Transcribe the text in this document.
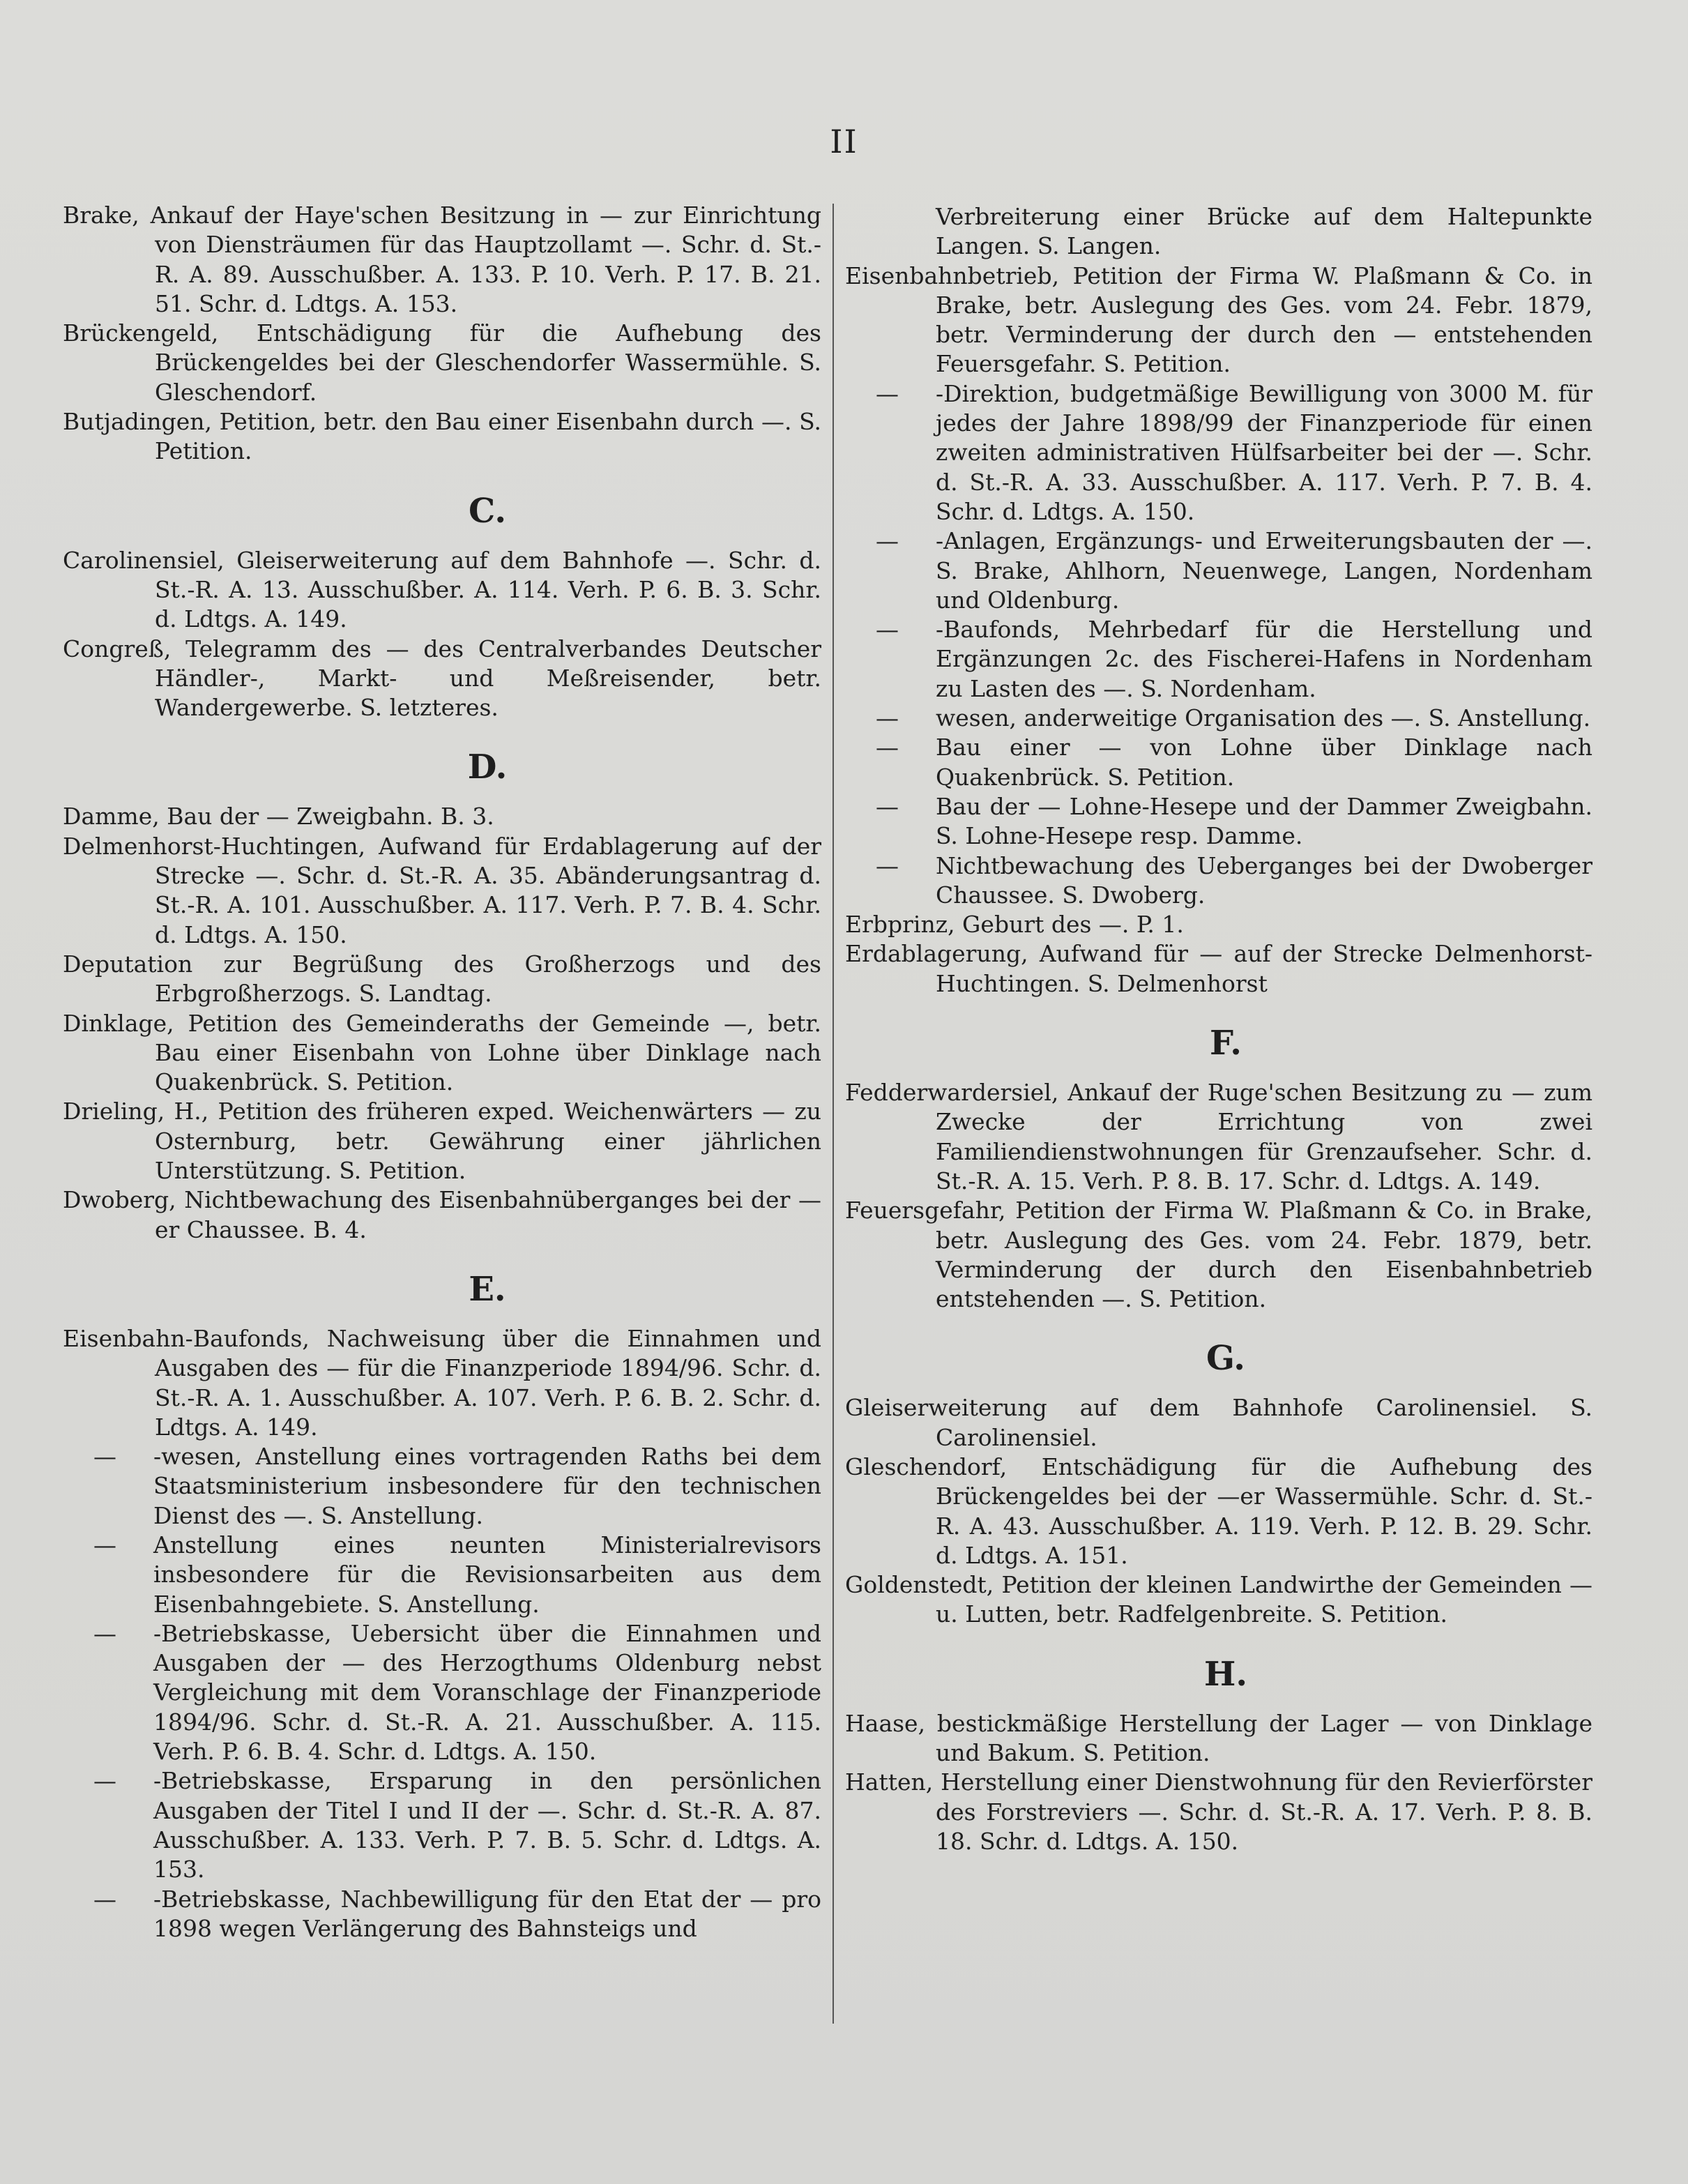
II

Brake, Ankauf der Haye'schen Besitzung in — zur Einrichtung von Diensträumen für das Hauptzollamt —. Schr. d. St.-R. A. 89. Ausschußber. A. 133. P. 10. Verh. P. 17. B. 21. 51. Schr. d. Ldtgs. A. 153.

Brückengeld, Entschädigung für die Aufhebung des Brückengeldes bei der Gleschendorfer Wassermühle. S. Gleschendorf.

Butjadingen, Petition, betr. den Bau einer Eisenbahn durch —. S. Petition.

C.

Carolinensiel, Gleiserweiterung auf dem Bahnhofe —. Schr. d. St.-R. A. 13. Ausschußber. A. 114. Verh. P. 6. B. 3. Schr. d. Ldtgs. A. 149.

Congreß, Telegramm des — des Centralverbandes Deutscher Händler-, Markt- und Meßreisender, betr. Wandergewerbe. S. letzteres.

D.

Damme, Bau der — Zweigbahn. B. 3.

Delmenhorst-Huchtingen, Aufwand für Erdablagerung auf der Strecke —. Schr. d. St.-R. A. 35. Abänderungsantrag d. St.-R. A. 101. Ausschußber. A. 117. Verh. P. 7. B. 4. Schr. d. Ldtgs. A. 150.

Deputation zur Begrüßung des Großherzogs und des Erbgroßherzogs. S. Landtag.

Dinklage, Petition des Gemeinderaths der Gemeinde —, betr. Bau einer Eisenbahn von Lohne über Dinklage nach Quakenbrück. S. Petition.

Drieling, H., Petition des früheren exped. Weichenwärters — zu Osternburg, betr. Gewährung einer jährlichen Unterstützung. S. Petition.

Dwoberg, Nichtbewachung des Eisenbahnüberganges bei der —er Chaussee. B. 4.

E.

Eisenbahn-Baufonds, Nachweisung über die Einnahmen und Ausgaben des — für die Finanzperiode 1894/96. Schr. d. St.-R. A. 1. Ausschußber. A. 107. Verh. P. 6. B. 2. Schr. d. Ldtgs. A. 149.

— -wesen, Anstellung eines vortragenden Raths bei dem Staatsministerium insbesondere für den technischen Dienst des —. S. Anstellung.

— Anstellung eines neunten Ministerialrevisors insbesondere für die Revisionsarbeiten aus dem Eisenbahngebiete. S. Anstellung.

— -Betriebskasse, Uebersicht über die Einnahmen und Ausgaben der — des Herzogthums Oldenburg nebst Vergleichung mit dem Voranschlage der Finanzperiode 1894/96. Schr. d. St.-R. A. 21. Ausschußber. A. 115. Verh. P. 6. B. 4. Schr. d. Ldtgs. A. 150.

— -Betriebskasse, Ersparung in den persönlichen Ausgaben der Titel I und II der —. Schr. d. St.-R. A. 87. Ausschußber. A. 133. Verh. P. 7. B. 5. Schr. d. Ldtgs. A. 153.

— -Betriebskasse, Nachbewilligung für den Etat der — pro 1898 wegen Verlängerung des Bahnsteigs und

Verbreiterung einer Brücke auf dem Haltepunkte Langen. S. Langen.

Eisenbahnbetrieb, Petition der Firma W. Plaßmann & Co. in Brake, betr. Auslegung des Ges. vom 24. Febr. 1879, betr. Verminderung der durch den — entstehenden Feuersgefahr. S. Petition.

— -Direktion, budgetmäßige Bewilligung von 3000 M. für jedes der Jahre 1898/99 der Finanzperiode für einen zweiten administrativen Hülfsarbeiter bei der —. Schr. d. St.-R. A. 33. Ausschußber. A. 117. Verh. P. 7. B. 4. Schr. d. Ldtgs. A. 150.

— -Anlagen, Ergänzungs- und Erweiterungsbauten der —. S. Brake, Ahlhorn, Neuenwege, Langen, Nordenham und Oldenburg.

— -Baufonds, Mehrbedarf für die Herstellung und Ergänzungen 2c. des Fischerei-Hafens in Nordenham zu Lasten des —. S. Nordenham.

— wesen, anderweitige Organisation des —. S. Anstellung.

— Bau einer — von Lohne über Dinklage nach Quakenbrück. S. Petition.

— Bau der — Lohne-Hesepe und der Dammer Zweigbahn. S. Lohne-Hesepe resp. Damme.

— Nichtbewachung des Ueberganges bei der Dwoberger Chaussee. S. Dwoberg.

Erbprinz, Geburt des —. P. 1.

Erdablagerung, Aufwand für — auf der Strecke Delmenhorst-Huchtingen. S. Delmenhorst

F.

Fedderwardersiel, Ankauf der Ruge'schen Besitzung zu — zum Zwecke der Errichtung von zwei Familiendienstwohnungen für Grenzaufseher. Schr. d. St.-R. A. 15. Verh. P. 8. B. 17. Schr. d. Ldtgs. A. 149.

Feuersgefahr, Petition der Firma W. Plaßmann & Co. in Brake, betr. Auslegung des Ges. vom 24. Febr. 1879, betr. Verminderung der durch den Eisenbahnbetrieb entstehenden —. S. Petition.

G.

Gleiserweiterung auf dem Bahnhofe Carolinensiel. S. Carolinensiel.

Gleschendorf, Entschädigung für die Aufhebung des Brückengeldes bei der —er Wassermühle. Schr. d. St.-R. A. 43. Ausschußber. A. 119. Verh. P. 12. B. 29. Schr. d. Ldtgs. A. 151.

Goldenstedt, Petition der kleinen Landwirthe der Gemeinden — u. Lutten, betr. Radfelgenbreite. S. Petition.

H.

Haase, bestickmäßige Herstellung der Lager — von Dinklage und Bakum. S. Petition.

Hatten, Herstellung einer Dienstwohnung für den Revierförster des Forstreviers —. Schr. d. St.-R. A. 17. Verh. P. 8. B. 18. Schr. d. Ldtgs. A. 150.
